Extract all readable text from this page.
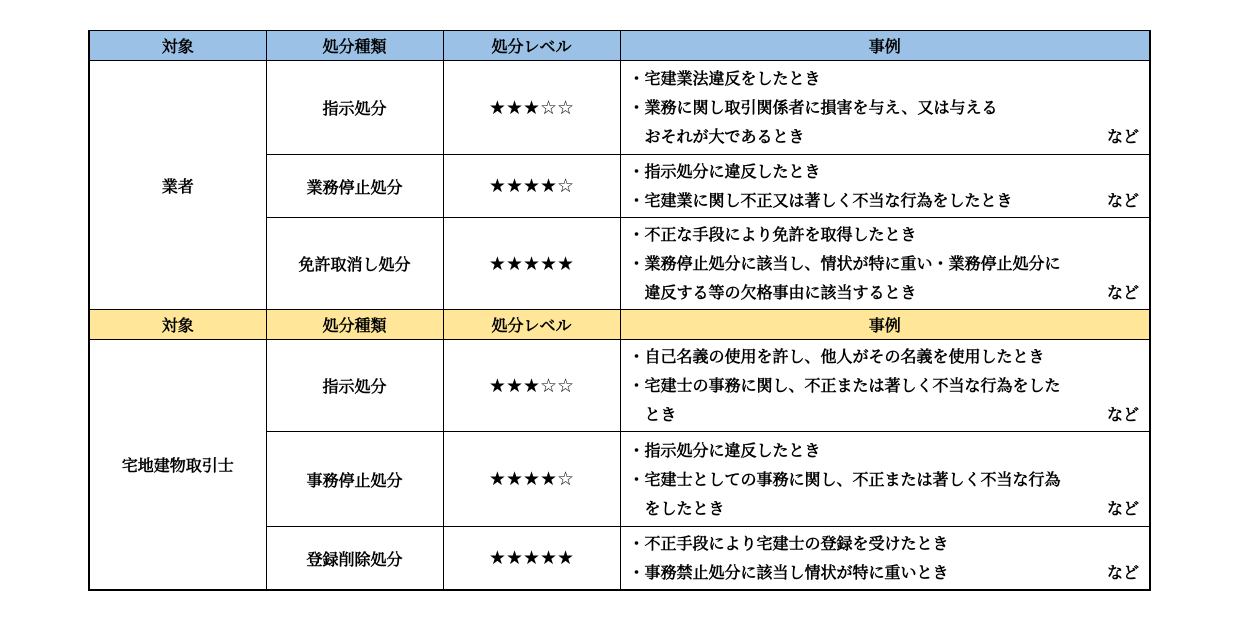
対象	処分種類	処分レベル	事例
業者	指示処分	★★★☆☆	・宅建業法違反をしたとき
・業務に関し取引関係者に損害を与え、又は与える
おそれが大であるとき など

	業務停止処分	★★★★☆	・指示処分に違反したとき
・宅建業に関し不正又は著しく不当な行為をしたとき など

	免許取消し処分	★★★★★	・不正な手段により免許を取得したとき
・業務停止処分に該当し、情状が特に重い・業務停止処分に
違反する等の欠格事由に該当するとき など

対象	処分種類	処分レベル	事例
宅地建物取引士	指示処分	★★★☆☆	・自己名義の使用を許し、他人がその名義を使用したとき
・宅建士の事務に関し、不正または著しく不当な行為をした
とき など

	事務停止処分	★★★★☆	・指示処分に違反したとき
・宅建士としての事務に関し、不正または著しく不当な行為
をしたとき など

	登録削除処分	★★★★★	・不正手段により宅建士の登録を受けたとき
・事務禁止処分に該当し情状が特に重いとき など
